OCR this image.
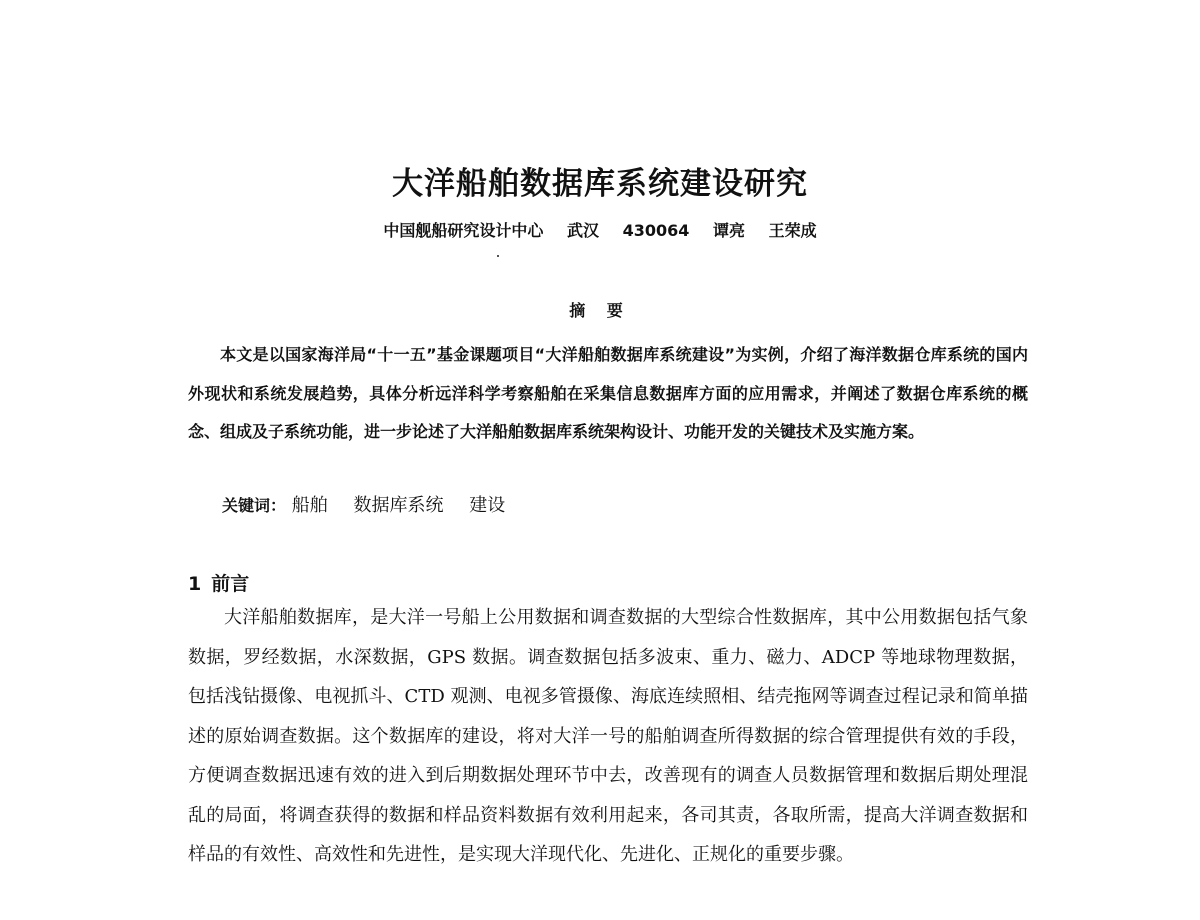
大洋船舶数据库系统建设研究
中国舰船研究设计中心 武汉 430064 谭亮 王荣成
摘 要

本文是以国家海洋局“十一五”基金课题项目“大洋船舶数据库系统建设”为实例，介绍了海洋数据仓库系统的国内外现状和系统发展趋势，具体分析远洋科学考察船舶在采集信息数据库方面的应用需求，并阐述了数据仓库系统的概念、组成及子系统功能，进一步论述了大洋船舶数据库系统架构设计、功能开发的关键技术及实施方案。

关键词： 船舶 数据库系统 建设
1 前言

大洋船舶数据库，是大洋一号船上公用数据和调查数据的大型综合性数据库，其中公用数据包括气象数据，罗经数据，水深数据，GPS 数据。调查数据包括多波束、重力、磁力、ADCP 等地球物理数据，包括浅钻摄像、电视抓斗、CTD 观测、电视多管摄像、海底连续照相、结壳拖网等调查过程记录和简单描述的原始调查数据。这个数据库的建设，将对大洋一号的船舶调查所得数据的综合管理提供有效的手段，方便调查数据迅速有效的进入到后期数据处理环节中去，改善现有的调查人员数据管理和数据后期处理混乱的局面，将调查获得的数据和样品资料数据有效利用起来，各司其责，各取所需，提高大洋调查数据和样品的有效性、高效性和先进性，是实现大洋现代化、先进化、正规化的重要步骤。
